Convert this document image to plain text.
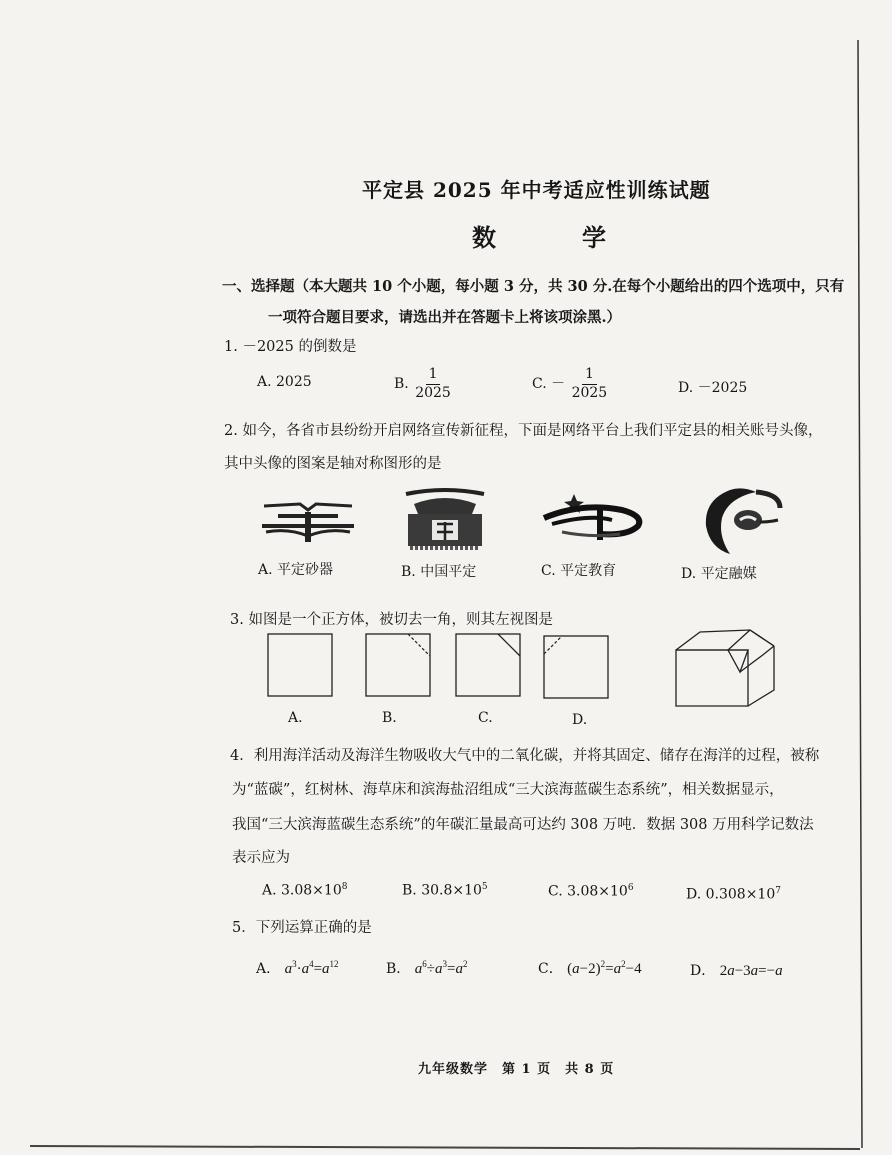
平定县 2025 年中考适应性训练试题
数	学
一、选择题（本大题共 10 个小题，每小题 3 分，共 30 分.在每个小题给出的四个选项中，只有
一项符合题目要求，请选出并在答题卡上将该项涂黑.）
1. －2025 的倒数是
A. 2025	B. $\frac{1}{2025}$	C. － $\frac{1}{2025}$	D. －2025
2. 如今，各省市县纷纷开启网络宣传新征程，下面是网络平台上我们平定县的相关账号头像，
其中头像的图案是轴对称图形的是
A. 平定砂器	B. 中国平定	C. 平定教育	D. 平定融媒
3. 如图是一个正方体，被切去一角，则其左视图是
A.	B.	C.	D.
4．利用海洋活动及海洋生物吸收大气中的二氧化碳，并将其固定、储存在海洋的过程，被称
为“蓝碳”，红树林、海草床和滨海盐沼组成“三大滨海蓝碳生态系统”，相关数据显示，
我国“三大滨海蓝碳生态系统”的年碳汇量最高可达约 308 万吨．数据 308 万用科学记数法
表示应为
A. $3.08\times 10^8$	B. $30.8\times 10^5$	C. $3.08\times 10^6$	D. $0.308\times 10^7$
5．下列运算正确的是
A． $a^3\cdot a^4=a^{12}$	B． $a^6\div a^3=a^2$	C． $(a-2)^2=a^2-4$	D． 2a−3a=−a
九年级数学　第 1 页　共 8 页
